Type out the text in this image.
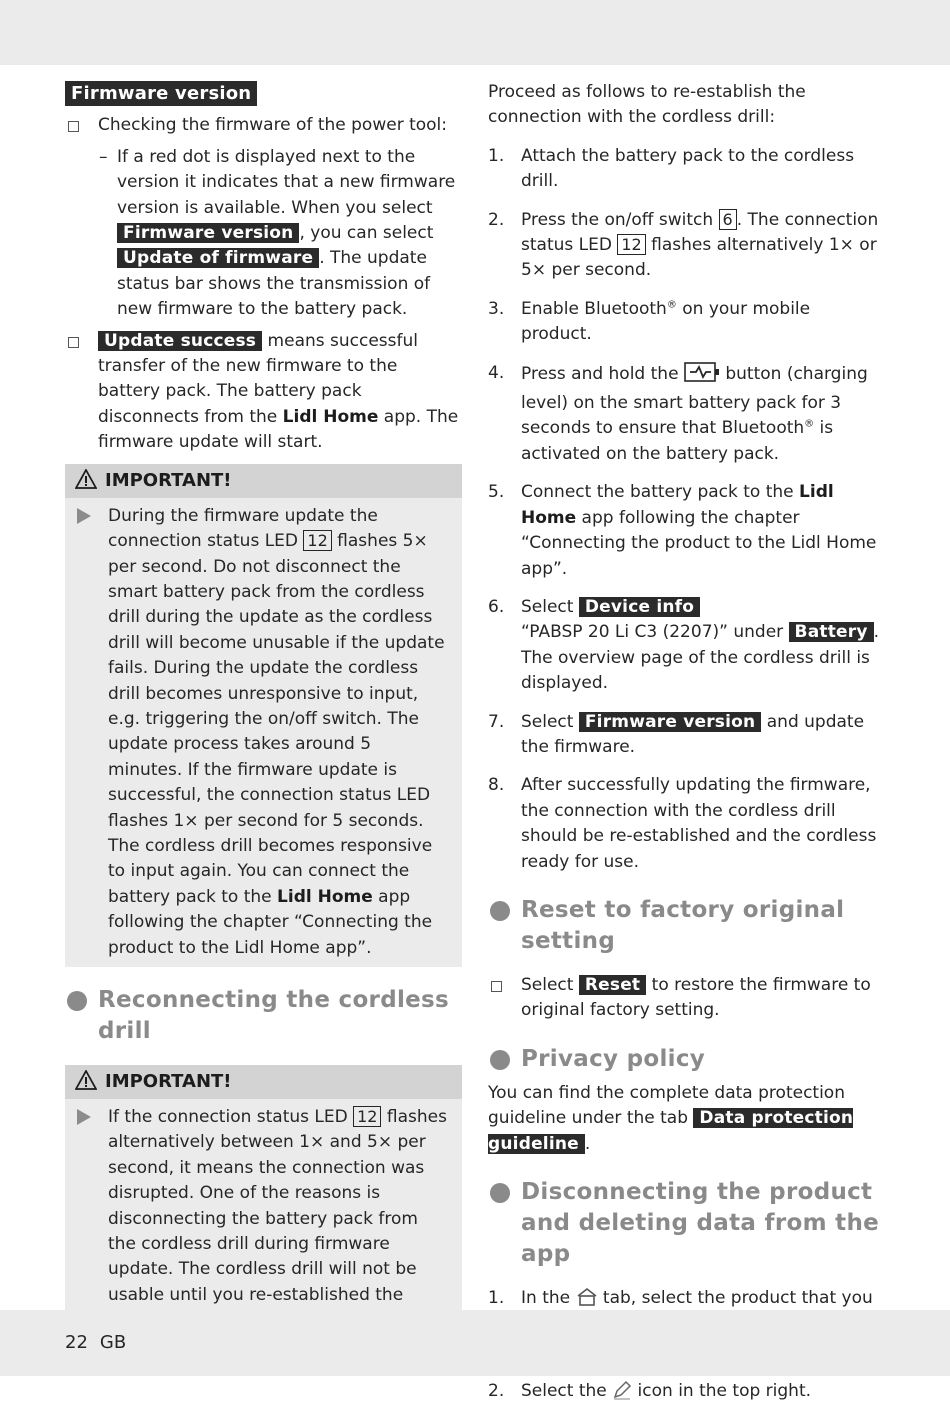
Firmware version

Checking the firmware of the power tool:

– If a red dot is displayed next to the version it indicates that a new firmware version is available. When you select Firmware version , you can select Update of firmware . The update status bar shows the transmission of new firmware to the battery pack.

Update success means successful transfer of the new firmware to the battery pack. The battery pack disconnects from the Lidl Home app. The firmware update will start.

IMPORTANT!

During the firmware update the connection status LED 12 flashes 5× per second. Do not disconnect the smart battery pack from the cordless drill during the update as the cordless drill will become unusable if the update fails. During the update the cordless drill becomes unresponsive to input, e.g. triggering the on/off switch. The update process takes around 5 minutes. If the firmware update is successful, the connection status LED flashes 1× per second for 5 seconds. The cordless drill becomes responsive to input again. You can connect the battery pack to the Lidl Home app following the chapter “Connecting the product to the Lidl Home app”.

Reconnecting the cordless drill
IMPORTANT!

If the connection status LED 12 flashes alternatively between 1× and 5× per second, it means the connection was disrupted. One of the reasons is disconnecting the battery pack from the cordless drill during firmware update. The cordless drill will not be usable until you re-established the

Proceed as follows to re-establish the connection with the cordless drill:

1. Attach the battery pack to the cordless drill.

2. Press the on/off switch 6 . The connection status LED 12 flashes alternatively 1× or 5× per second.

3. Enable Bluetooth® on your mobile product.

4. Press and hold the  button (charging level) on the smart battery pack for 3 seconds to ensure that Bluetooth® is activated on the battery pack.

5. Connect the battery pack to the Lidl Home app following the chapter “Connecting the product to the Lidl Home app”.

6. Select Device info
“PABSP 20 Li C3 (2207)” under Battery . The overview page of the cordless drill is displayed.

7. Select Firmware version and update the firmware.

8. After successfully updating the firmware, the connection with the cordless drill should be re-established and the cordless ready for use.

Reset to factory original setting

Select Reset to restore the firmware to original factory setting.

Privacy policy

You can find the complete data protection guideline under the tab Data protection guideline .

Disconnecting the product and deleting data from the app
1. In the  tab, select the product that you

2. Select the  icon in the top right.

22 GB
